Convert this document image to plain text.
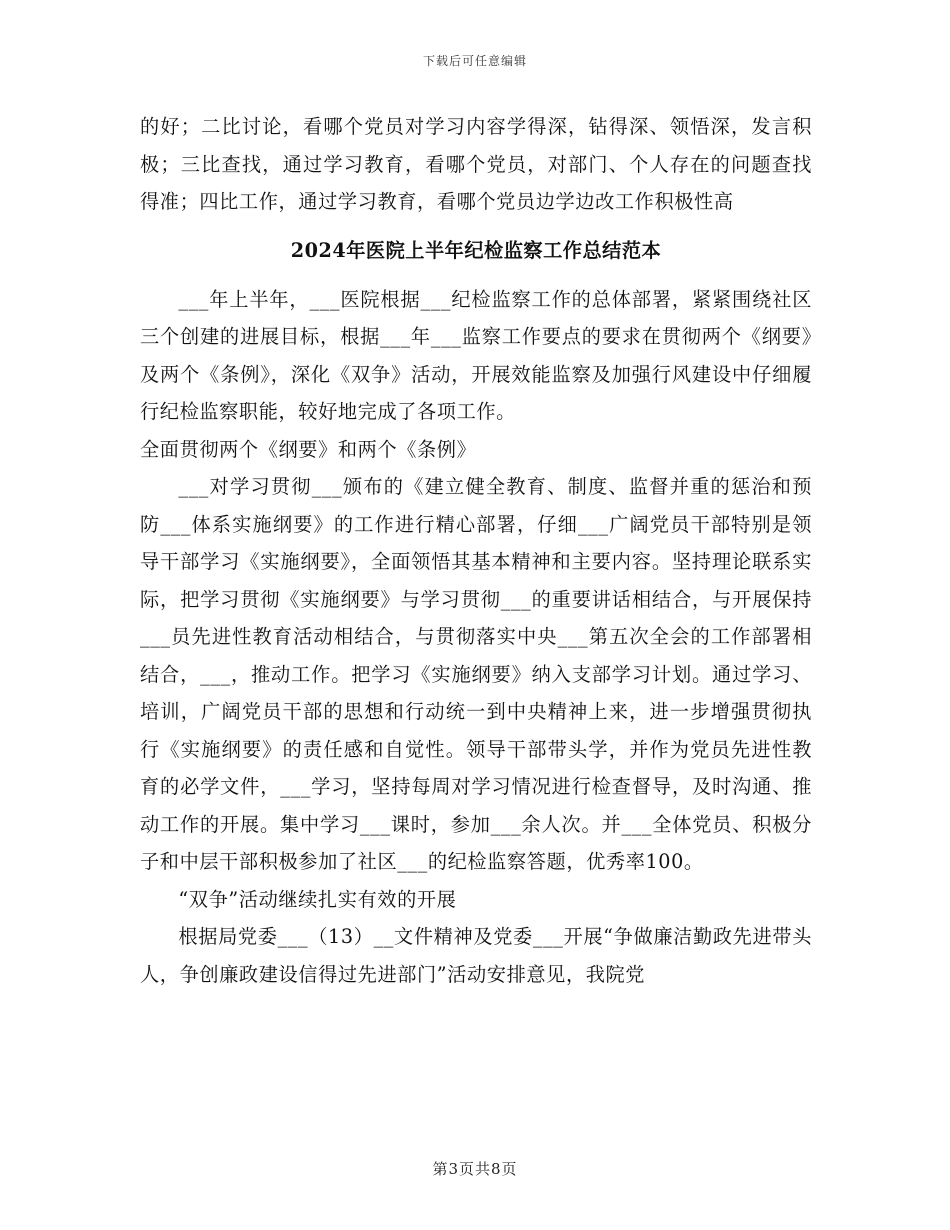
下载后可任意编辑

的好；二比讨论，看哪个党员对学习内容学得深，钻得深、领悟深，发言积极；三比查找，通过学习教育，看哪个党员，对部门、个人存在的问题查找得准；四比工作，通过学习教育，看哪个党员边学边改工作积极性高

2024年医院上半年纪检监察工作总结范本

___年上半年，___医院根据___纪检监察工作的总体部署，紧紧围绕社区三个创建的进展目标，根据___年___监察工作要点的要求在贯彻两个《纲要》及两个《条例》，深化《双争》活动，开展效能监察及加强行风建设中仔细履行纪检监察职能，较好地完成了各项工作。

全面贯彻两个《纲要》和两个《条例》

___对学习贯彻___颁布的《建立健全教育、制度、监督并重的惩治和预防___体系实施纲要》的工作进行精心部署，仔细___广阔党员干部特别是领导干部学习《实施纲要》，全面领悟其基本精神和主要内容。坚持理论联系实际，把学习贯彻《实施纲要》与学习贯彻___的重要讲话相结合，与开展保持___员先进性教育活动相结合，与贯彻落实中央___第五次全会的工作部署相结合，___，推动工作。把学习《实施纲要》纳入支部学习计划。通过学习、培训，广阔党员干部的思想和行动统一到中央精神上来，进一步增强贯彻执行《实施纲要》的责任感和自觉性。领导干部带头学，并作为党员先进性教育的必学文件，___学习，坚持每周对学习情况进行检查督导，及时沟通、推动工作的开展。集中学习___课时，参加___余人次。并___全体党员、积极分子和中层干部积极参加了社区___的纪检监察答题，优秀率100。

“双争”活动继续扎实有效的开展

根据局党委___（13）__文件精神及党委___开展“争做廉洁勤政先进带头人，争创廉政建设信得过先进部门”活动安排意见，我院党

第3页共8页
